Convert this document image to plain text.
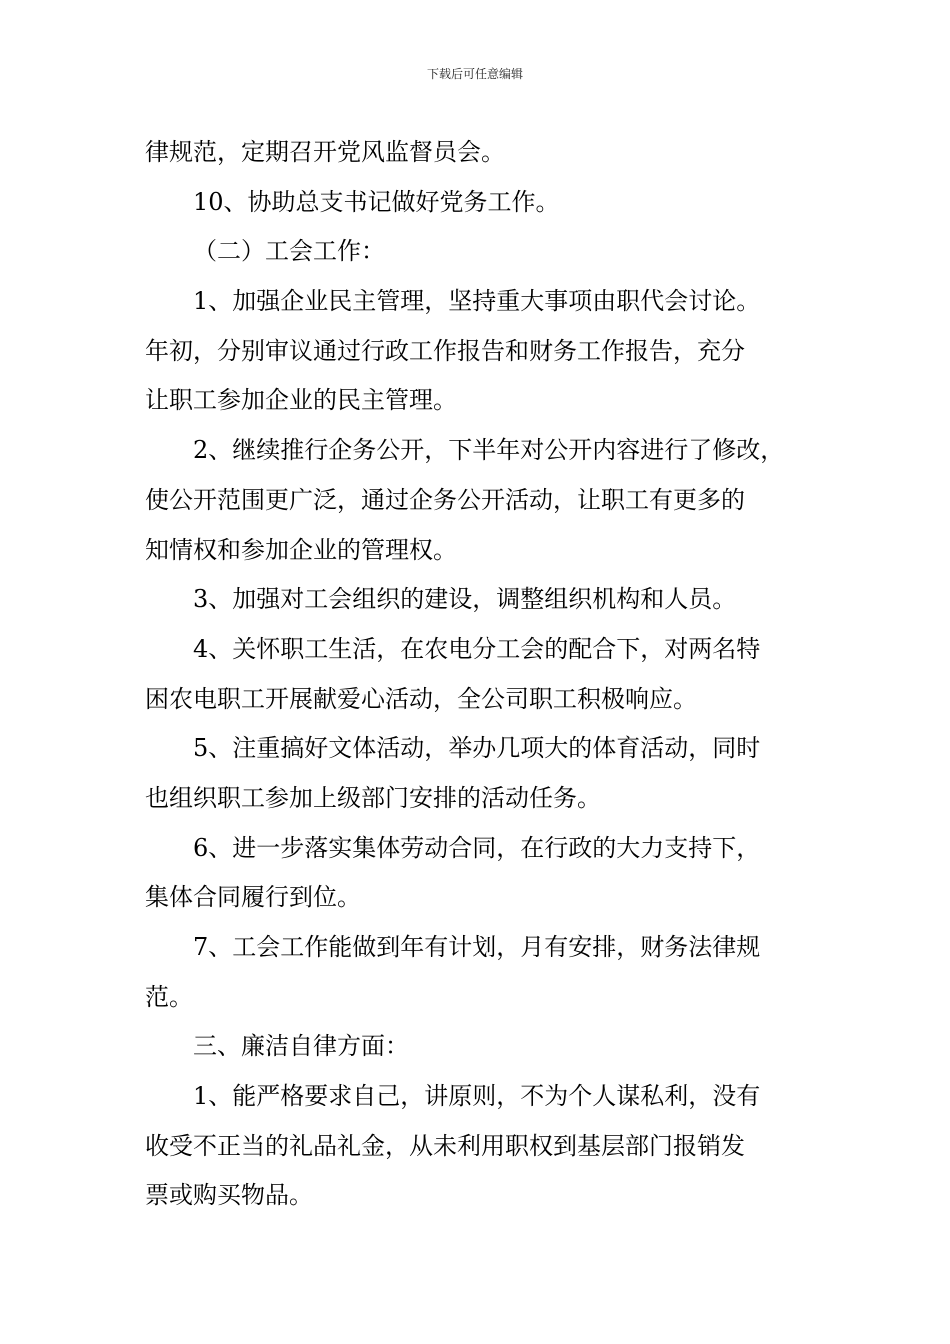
下载后可任意编辑
律规范，定期召开党风监督员会。
10、协助总支书记做好党务工作。
（二）工会工作：
1、加强企业民主管理，坚持重大事项由职代会讨论。
年初，分别审议通过行政工作报告和财务工作报告，充分
让职工参加企业的民主管理。
2、继续推行企务公开，下半年对公开内容进行了修改，
使公开范围更广泛，通过企务公开活动，让职工有更多的
知情权和参加企业的管理权。
3、加强对工会组织的建设，调整组织机构和人员。
4、关怀职工生活，在农电分工会的配合下，对两名特
困农电职工开展献爱心活动，全公司职工积极响应。
5、注重搞好文体活动，举办几项大的体育活动，同时
也组织职工参加上级部门安排的活动任务。
6、进一步落实集体劳动合同，在行政的大力支持下，
集体合同履行到位。
7、工会工作能做到年有计划，月有安排，财务法律规
范。
三、廉洁自律方面：
1、能严格要求自己，讲原则，不为个人谋私利，没有
收受不正当的礼品礼金，从未利用职权到基层部门报销发
票或购买物品。
